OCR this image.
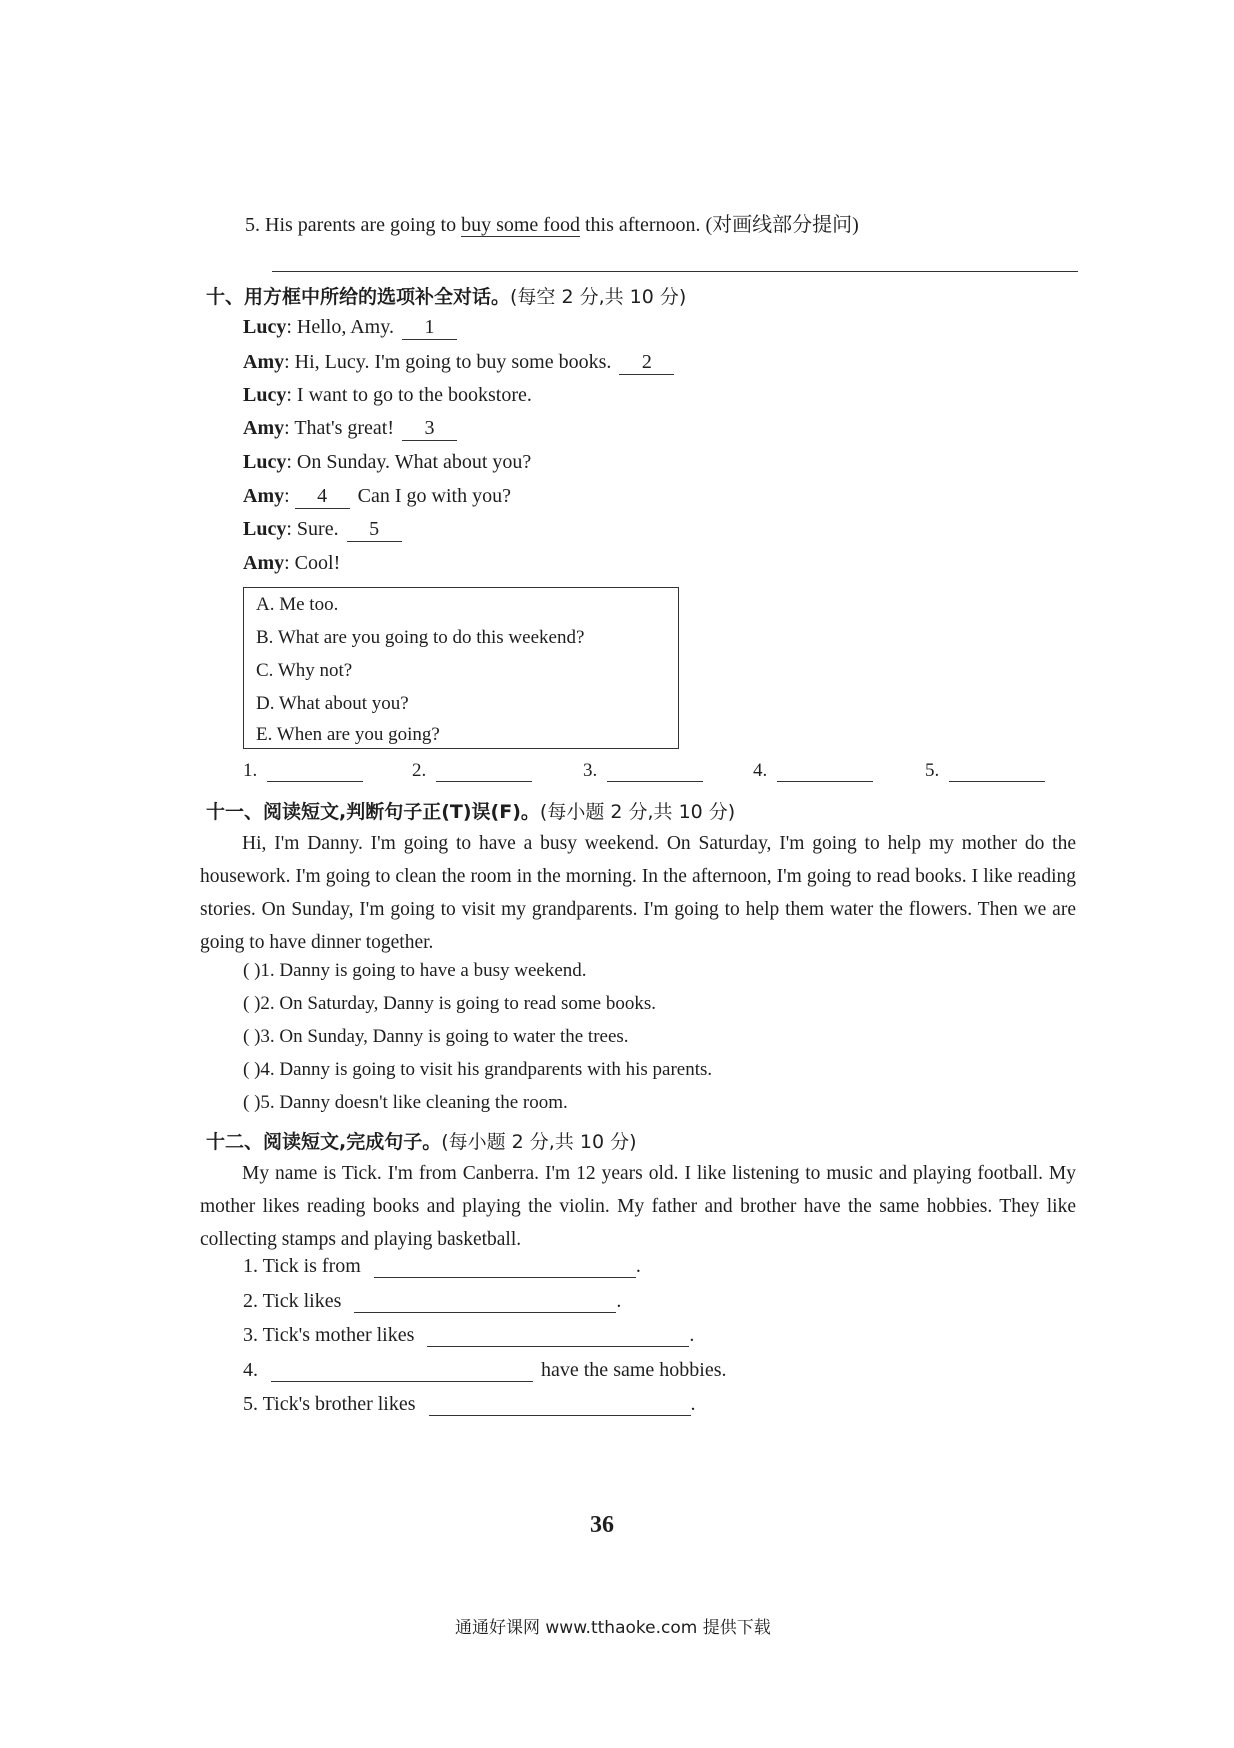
5. His parents are going to buy some food this afternoon. (对画线部分提问)
十、用方框中所给的选项补全对话。(每空 2 分,共 10 分)
Lucy: Hello, Amy. 1
Amy: Hi, Lucy. I'm going to buy some books. 2
Lucy: I want to go to the bookstore.
Amy: That's great! 3
Lucy: On Sunday. What about you?
Amy: 4 Can I go with you?
Lucy: Sure. 5
Amy: Cool!
A. Me too.
B. What are you going to do this weekend?
C. Why not?
D. What about you?
E. When are you going?
1.	2.	3.	4.	5.
十一、阅读短文,判断句子正(T)误(F)。(每小题 2 分,共 10 分)

Hi, I'm Danny. I'm going to have a busy weekend. On Saturday, I'm going to help my mother do the housework. I'm going to clean the room in the morning. In the afternoon, I'm going to read books. I like reading stories. On Sunday, I'm going to visit my grandparents. I'm going to help them water the flowers. Then we are going to have dinner together.

( )1. Danny is going to have a busy weekend.
( )2. On Saturday, Danny is going to read some books.
( )3. On Sunday, Danny is going to water the trees.
( )4. Danny is going to visit his grandparents with his parents.
( )5. Danny doesn't like cleaning the room.
十二、阅读短文,完成句子。(每小题 2 分,共 10 分)

My name is Tick. I'm from Canberra. I'm 12 years old. I like listening to music and playing football. My mother likes reading books and playing the violin. My father and brother have the same hobbies. They like collecting stamps and playing basketball.

1. Tick is from	.
2. Tick likes	.
3. Tick's mother likes	.
4.	have the same hobbies.
5. Tick's brother likes	.
36
通通好课网 www.tthaoke.com 提供下载
